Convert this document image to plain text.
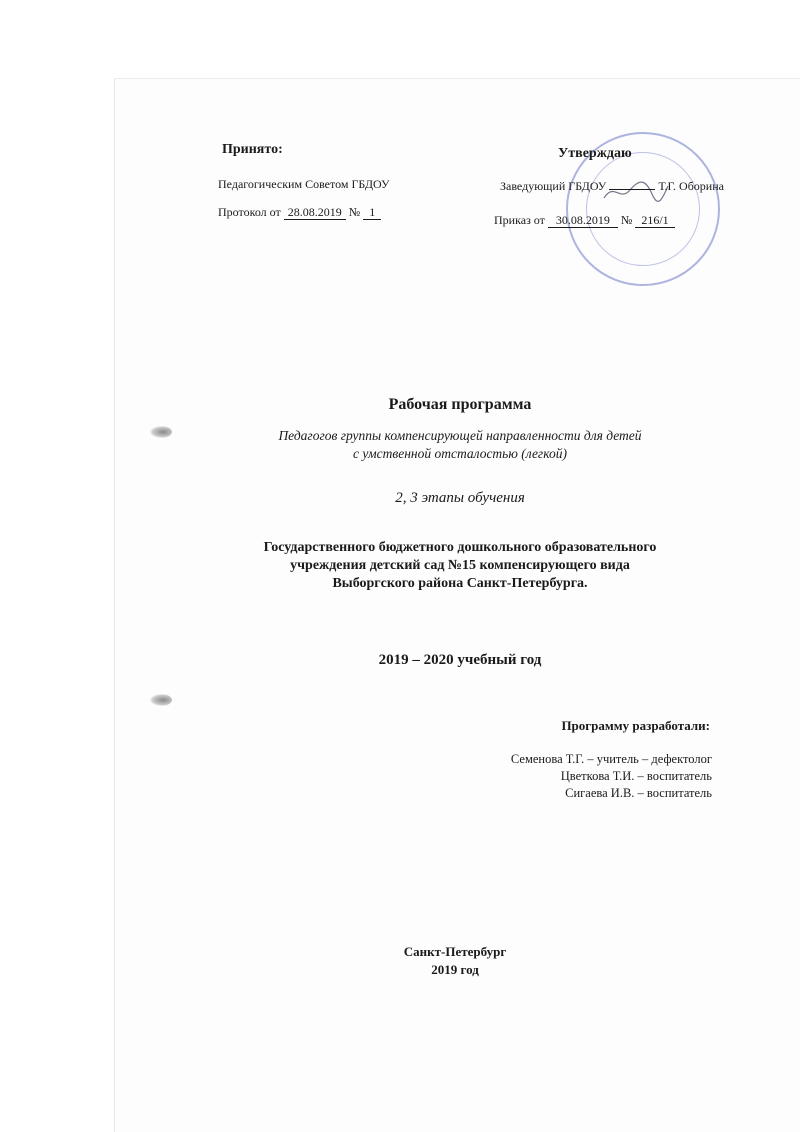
Принято:
Педагогическим Советом ГБДОУ
Протокол от 28.08.2019 № 1
Утверждаю
Заведующий ГБДОУ	Т.Г. Оборина
Приказ от 30.08.2019 № 216/1
Рабочая программа
Педагогов группы компенсирующей направленности для детей
с умственной отсталостью (легкой)
2, 3 этапы обучения
Государственного бюджетного дошкольного образовательного
учреждения детский сад №15 компенсирующего вида
Выборгского района Санкт-Петербурга.
2019 – 2020 учебный год
Программу разработали:
Семенова Т.Г. – учитель – дефектолог
Цветкова Т.И. – воспитатель
Сигаева И.В. – воспитатель
Санкт-Петербург
2019 год
